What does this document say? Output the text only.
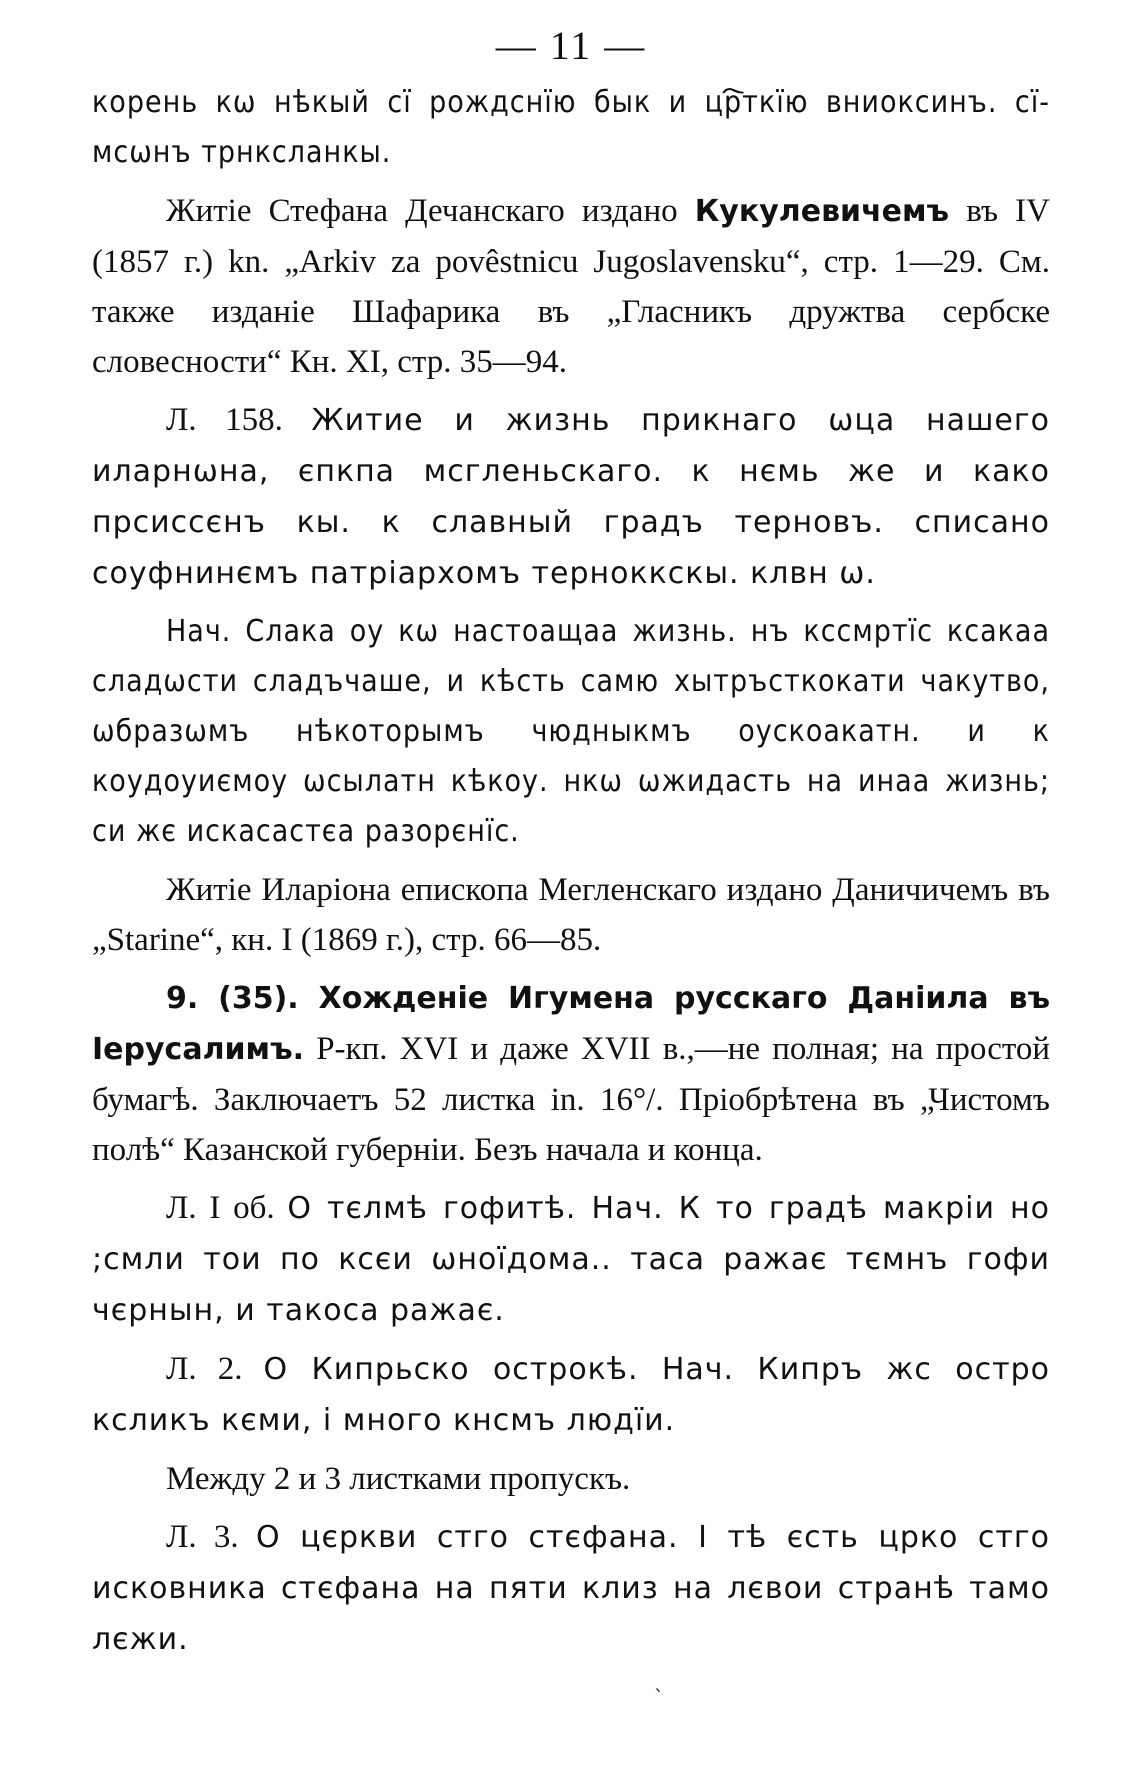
— 11 —

корень кѡ нѣкый сї рождснїю бык и цр҇ткїю вниоксинъ. сї-мсѡнъ трнксланкы.

Житіе Стефана Дечанскаго издано Кукулевичемъ въ IV (1857 г.) kn. „Arkiv za povêstnicu Jugoslavensku“, стр. 1—29. См. также изданіе Шафарика въ „Гласникъ дружтва сербске словесности“ Кн. XI, стр. 35—94.

Л. 158. Житие и жизнь прикнаго ѡца нашего иларнѡна, єпкпа мсгленьскаго. к нємь же и како прсиссєнъ кы. к славный градъ терновъ. списано соуфнинємъ патріархомъ терноккскы. клвн ѡ.

Нач. Слака оу кѡ настоащаа жизнь. нъ кссмртїс ксакаа сладѡсти сладъчаше, и кѣсть самю хытръсткокати чакутво, ѡбразѡмъ нѣкоторымъ чюдныкмъ оускоакатн. и к коудоуиємоу ѡсылатн кѣкоу. нкѡ ѡжидасть на инаа жизнь; си жє искасастєа разорєнїс.

Житіе Иларіона епископа Мегленскаго издано Даничичемъ въ „Starine“, кн. I (1869 г.), стр. 66—85.

9. (35). Хожденіе Игумена русскаго Даніила въ Іерусалимъ. Р-кп. XVI и даже XVII в.,—не полная; на простой бумагѣ. Заключаетъ 52 листка in. 16°/. Пріобрѣтена въ „Чистомъ полѣ“ Казанской губерніи. Безъ начала и конца.

Л. I об. О тєлмѣ гофитѣ. Нач. К то градѣ макріи но ;смли тои по ксєи ѡноїдома.. таса ражає тємнъ гофи чєрнын, и такоса ражає.

Л. 2. О Кипрьско острокѣ. Нач. Кипръ жс остро ксликъ кєми, і много кнсмъ людїи.

Между 2 и 3 листками пропускъ.

Л. 3. О цєркви стго стєфана. І тѣ єсть црко стго исковника стєфана на пяти клиз на лєвои странѣ тамо лєжи.

ˋ
